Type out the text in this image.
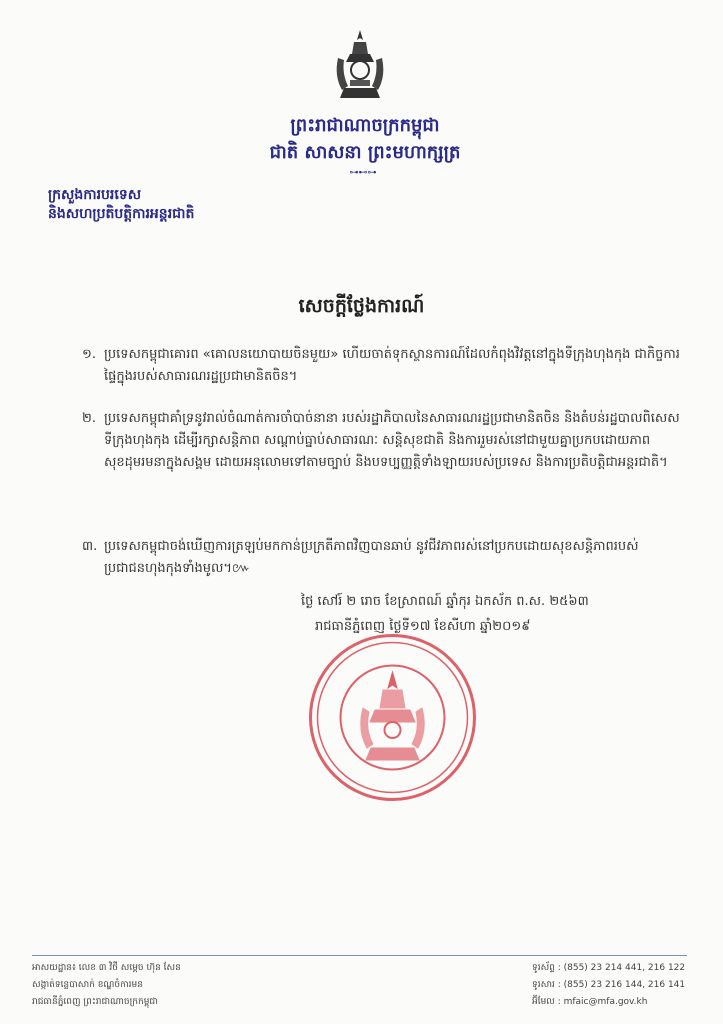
ព្រះរាជាណាចក្រកម្ពុជា
ជាតិ សាសនា ព្រះមហាក្សត្រ
⊶⊷⊶
ក្រសួងការបរទេស
និងសហប្រតិបត្តិការអន្តរជាតិ
សេចក្តីថ្លែងការណ៍
១. ប្រទេសកម្ពុជាគោរព «គោលនយោបាយចិនមួយ» ហើយចាត់ទុកស្ថានការណ៍ដែលកំពុងវិវត្តនៅក្នុងទីក្រុងហុងកុង ជាកិច្ចការផ្ទៃក្នុងរបស់សាធារណរដ្ឋប្រជាមានិតចិន។
២. ប្រទេសកម្ពុជាគាំទ្រនូវរាល់ចំណាត់ការចាំបាច់នានា របស់រដ្ឋាភិបាលនៃសាធារណរដ្ឋប្រជាមានិតចិន និងតំបន់រដ្ឋបាលពិសេសទីក្រុងហុងកុង ដើម្បីរក្សាសន្តិភាព សណ្តាប់ធ្នាប់សាធារណៈ សន្តិសុខជាតិ និងការរួមរស់នៅជាមួយគ្នាប្រកបដោយភាពសុខដុមរមនាក្នុងសង្គម ដោយអនុលោមទៅតាមច្បាប់ និងបទប្បញ្ញត្តិទាំងឡាយរបស់ប្រទេស និងការប្រតិបត្តិជាអន្តរជាតិ។
៣. ប្រទេសកម្ពុជាចង់ឃើញការត្រឡប់មកកាន់ប្រក្រតីភាពវិញបានឆាប់ នូវជីវភាពរស់នៅប្រកបដោយសុខសន្តិភាពរបស់ប្រជាជនហុងកុងទាំងមូល។៚
ថ្ងៃ សៅរ៍ ២ រោច ខែស្រាពណ៍ ឆ្នាំកុរ ឯកស័ក ព.ស. ២៥៦៣
រាជធានីភ្នំពេញ ថ្ងៃទី១៧ ខែសីហា ឆ្នាំ២០១៩
អាសយដ្ឋាន៖ លេខ ៣ វិថី សម្តេច ហ៊ុន សែន
សង្កាត់ទន្លេបាសាក់ ខណ្ឌចំការមន
រាជធានីភ្នំពេញ ព្រះរាជាណាចក្រកម្ពុជា
ទូរស័ព្ទ : (855) 23 214 441, 216 122
ទូរសារ : (855) 23 216 144, 216 141
អ៊ីមែល : mfaic@mfa.gov.kh
